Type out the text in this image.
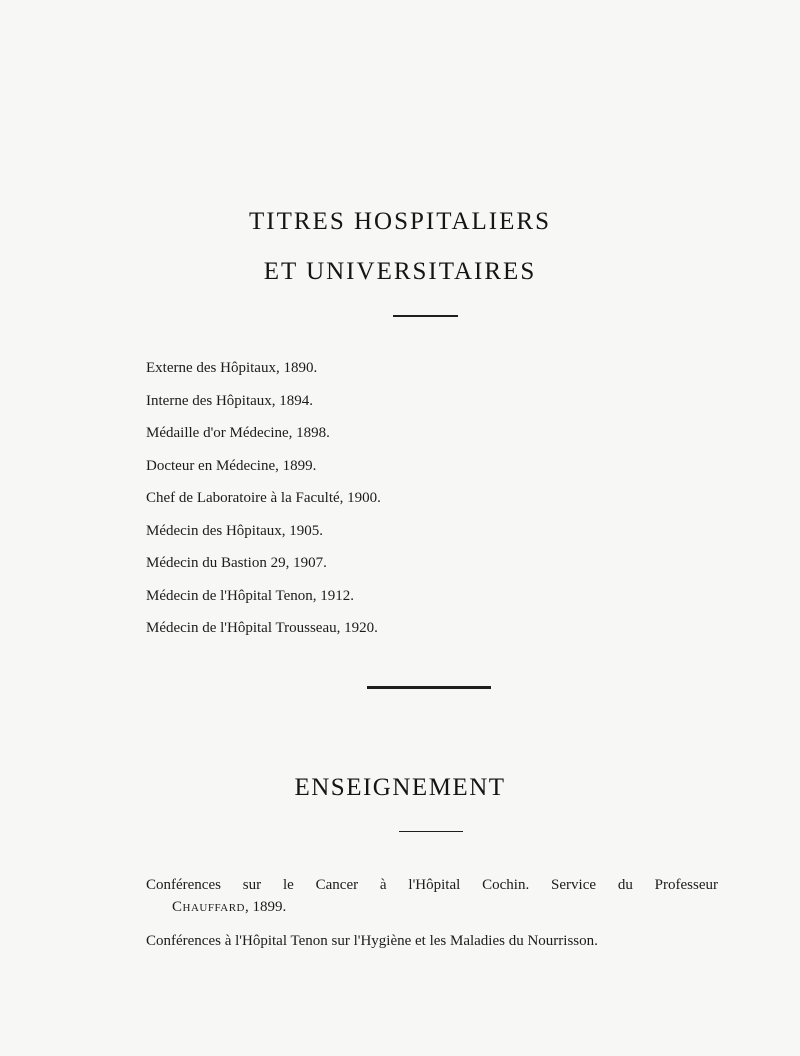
TITRES HOSPITALIERS
ET UNIVERSITAIRES
Externe des Hôpitaux, 1890.
Interne des Hôpitaux, 1894.
Médaille d'or Médecine, 1898.
Docteur en Médecine, 1899.
Chef de Laboratoire à la Faculté, 1900.
Médecin des Hôpitaux, 1905.
Médecin du Bastion 29, 1907.
Médecin de l'Hôpital Tenon, 1912.
Médecin de l'Hôpital Trousseau, 1920.
ENSEIGNEMENT

Conférences sur le Cancer à l'Hôpital Cochin. Service du Professeur

Chauffard, 1899.

Conférences à l'Hôpital Tenon sur l'Hygiène et les Maladies du Nourrisson.
